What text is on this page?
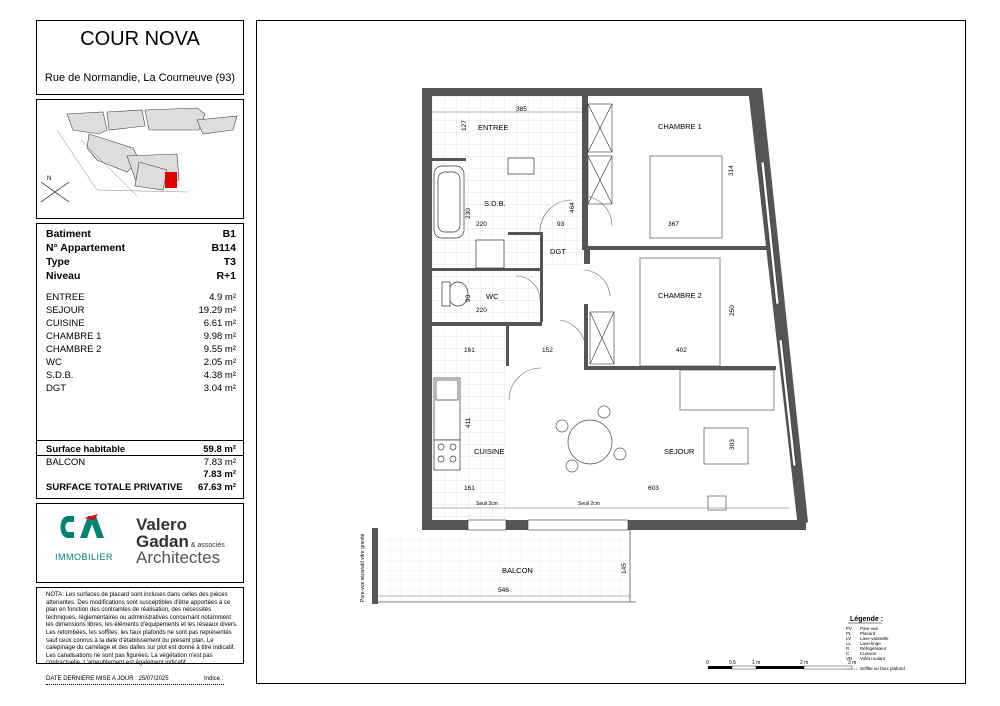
COUR NOVA
Rue de Normandie, La Courneuve (93)
N
Batiment	B1
N° Appartement	B114
Type	T3
Niveau	R+1
ENTREE	4.9 m²
SEJOUR	19.29 m²
CUISINE	6.61 m²
CHAMBRE 1	9.98 m²
CHAMBRE 2	9.55 m²
WC	2.05 m²
S.D.B.	4.38 m²
DGT	3.04 m²
Surface habitable	59.8 m²
BALCON	7.83 m²
7.83 m²
SURFACE TOTALE PRIVATIVE 67.63 m²
IMMOBILIER
Valero
Gadan & associés
Architectes
NOTA: Les surfaces de placard sont incluses dans celles des pièces attenantes. Des modifications sont susceptibles d'être apportées à ce plan en fonction des contraintes de réalisation, des nécessités techniques, réglementaires ou administratives concernant notamment les dimensions libres, les éléments d'équipements et les réseaux divers. Les retombées, les soffites, les faux plafonds ne sont pas représentés sauf ceux connus à la date d'établissement du présent plan. Le calepinage du carrelage et des dalles sur plot est donné à titre indicatif. Les canalisations ne sont pas figurées. La végétation n'est pas contractuelle. L'ameublement est également indicatif.
DATE DERNIERE MISE A JOUR : 25/07/2025	Indice :
ENTREE	CHAMBRE 1
S.D.B.
DGT
WC	CHAMBRE 2
CUISINE	SEJOUR
BALCON
385
127
314
230
220	93
464
367
93
220	250
161	152	402
411
303
161	603
145
546
Seuil 2cm	Seuil 2cm
Pare-vue séparatif vitre granité
Légende :
PV Pare vue
PL Placard
LV Lave-vaisselle
LL Lave-linge
R Réfrigérateur
C Cuisson
VR Volet roulant
Soffite ou faux plafond
0	0.5	1 m	2 m	3 m
